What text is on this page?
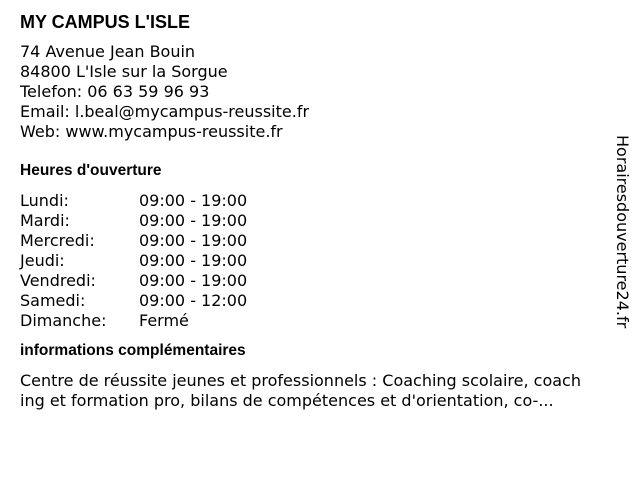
MY CAMPUS L'ISLE
74 Avenue Jean Bouin
84800 L'Isle sur la Sorgue
Telefon: 06 63 59 96 93
Email: l.beal@mycampus-reussite.fr
Web: www.mycampus-reussite.fr
Heures d'ouverture
Lundi:	09:00 - 19:00
Mardi:	09:00 - 19:00
Mercredi:	09:00 - 19:00
Jeudi:	09:00 - 19:00
Vendredi:	09:00 - 19:00
Samedi:	09:00 - 12:00
Dimanche:	Fermé
informations complémentaires
Centre de réussite jeunes et professionnels : Coaching scolaire, coach
ing et formation pro, bilans de compétences et d'orientation, co-...
Horairesdouverture24.fr
